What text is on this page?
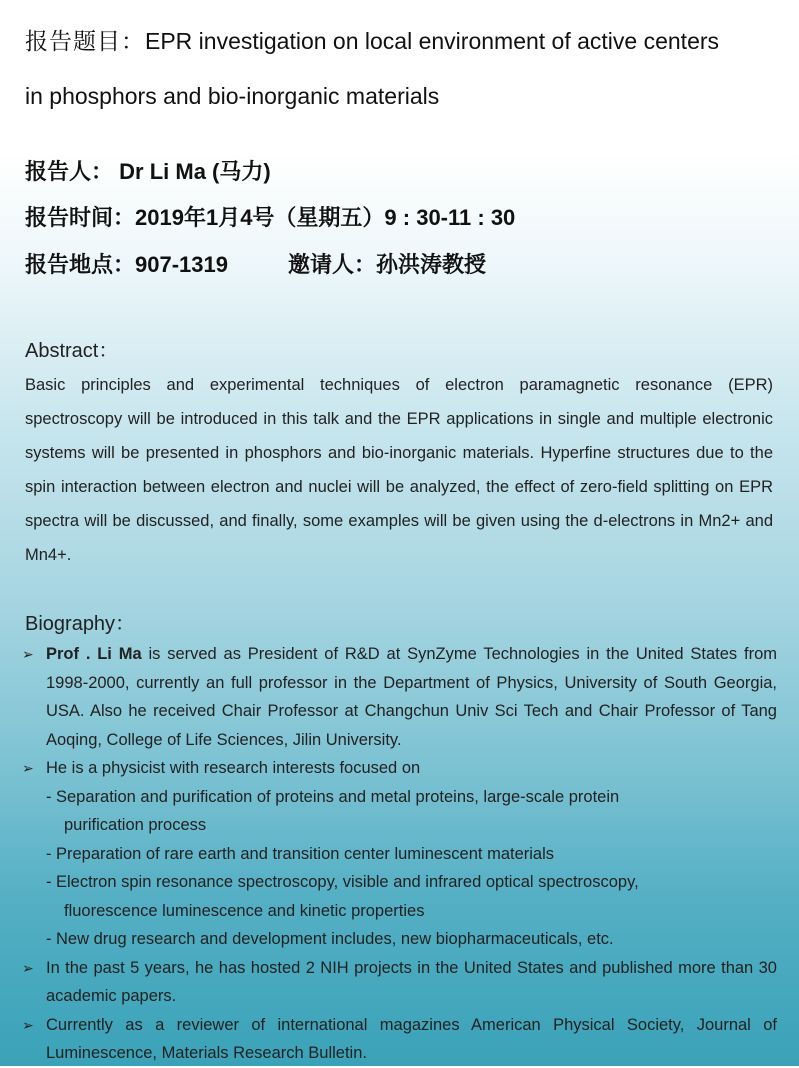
报告题目：EPR investigation on local environment of active centers
in phosphors and bio-inorganic materials
报告人： Dr Li Ma (马力)
报告时间：2019年1月4号（星期五）9 : 30-11 : 30
报告地点：907-1319	邀请人：孙洪涛教授
Abstract：
Basic principles and experimental techniques of electron paramagnetic resonance (EPR) spectroscopy will be introduced in this talk and the EPR applications in single and multiple electronic systems will be presented in phosphors and bio-inorganic materials. Hyperfine structures due to the spin interaction between electron and nuclei will be analyzed, the effect of zero-field splitting on EPR spectra will be discussed, and finally, some examples will be given using the d-electrons in Mn2+ and Mn4+.
Biography：
➢ Prof . Li Ma is served as President of R&D at SynZyme Technologies in the United States from 1998-2000, currently an full professor in the Department of Physics, University of South Georgia, USA. Also he received Chair Professor at Changchun Univ Sci Tech and Chair Professor of Tang Aoqing, College of Life Sciences, Jilin University.
➢ He is a physicist with research interests focused on
- Separation and purification of proteins and metal proteins, large-scale protein
purification process
- Preparation of rare earth and transition center luminescent materials
- Electron spin resonance spectroscopy, visible and infrared optical spectroscopy,
fluorescence luminescence and kinetic properties
- New drug research and development includes, new biopharmaceuticals, etc.
➢ In the past 5 years, he has hosted 2 NIH projects in the United States and published more than 30 academic papers.
➢ Currently as a reviewer of international magazines American Physical Society, Journal of Luminescence, Materials Research Bulletin.
